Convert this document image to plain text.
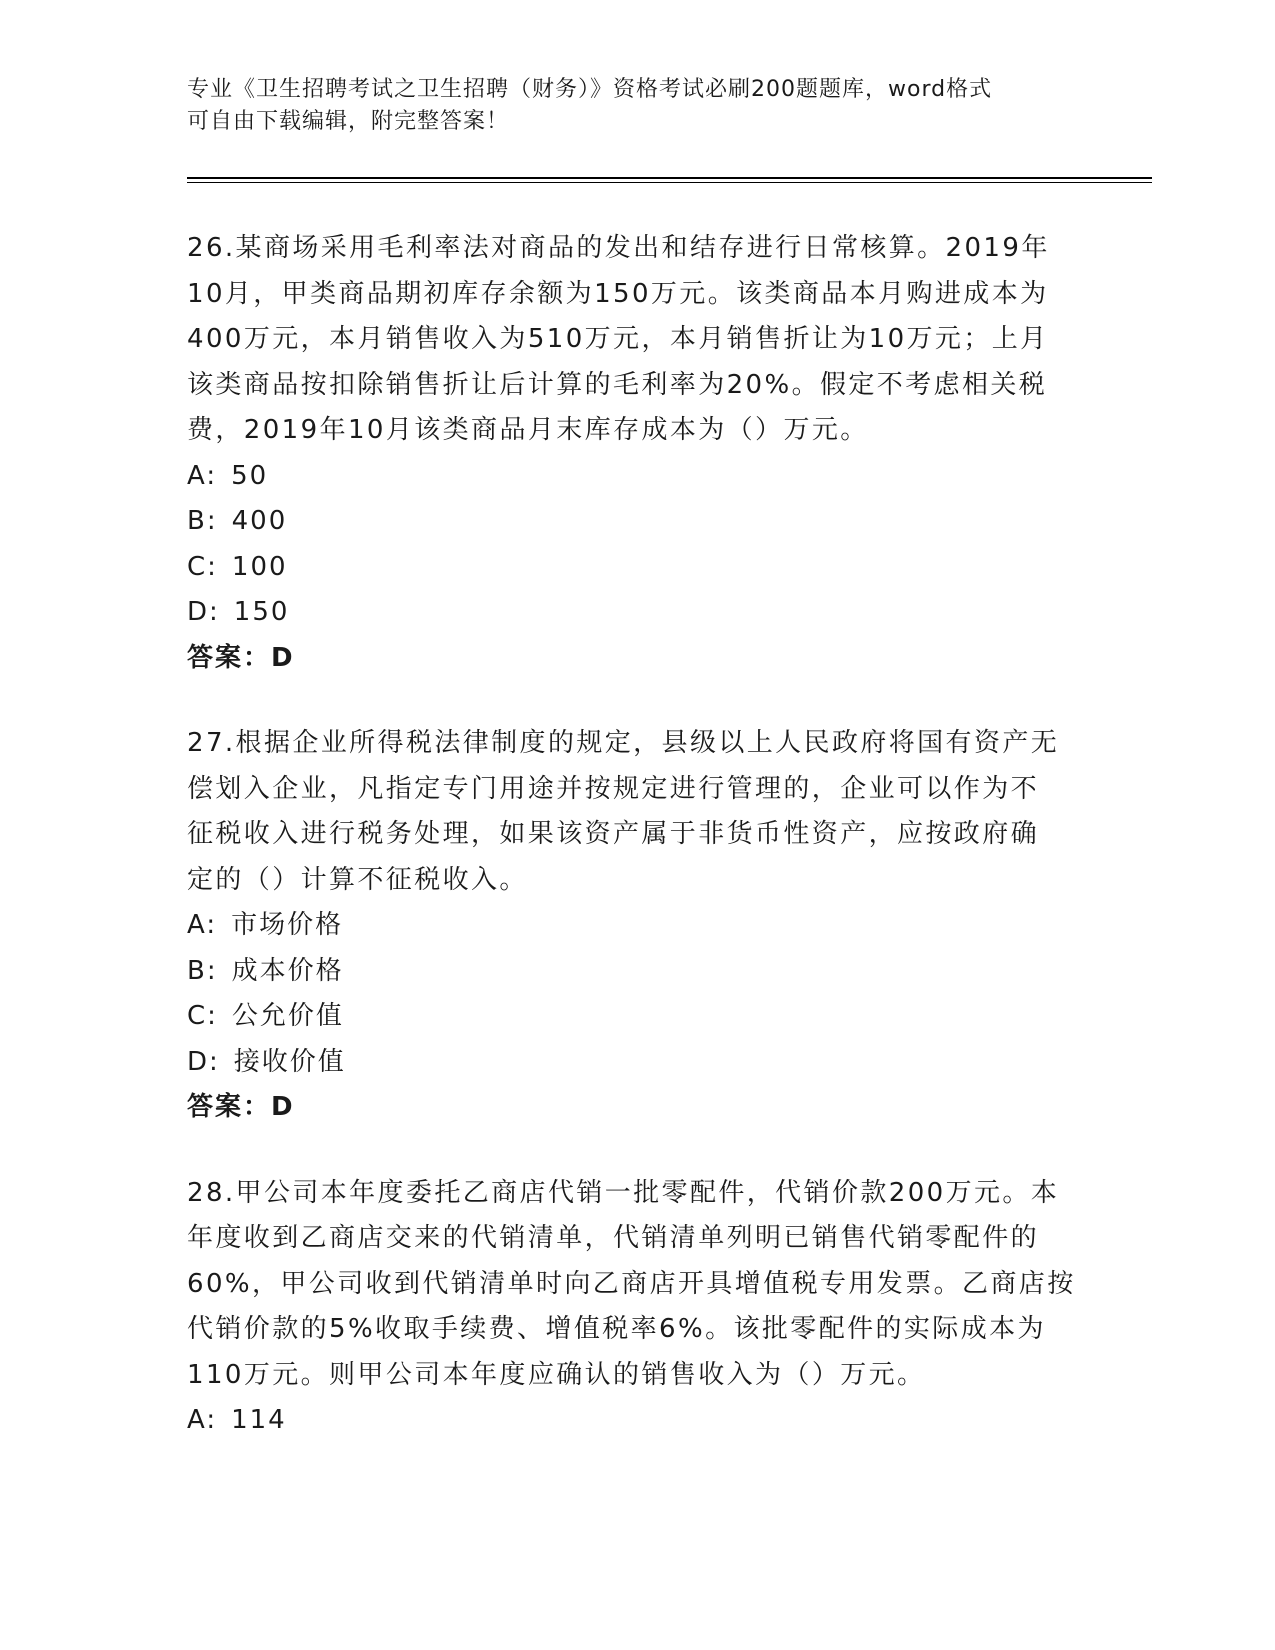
专业《卫生招聘考试之卫生招聘（财务）》资格考试必刷200题题库，word格式
可自由下载编辑，附完整答案！
26.某商场采用毛利率法对商品的发出和结存进行日常核算。2019年
10月，甲类商品期初库存余额为150万元。该类商品本月购进成本为
400万元，本月销售收入为510万元，本月销售折让为10万元；上月
该类商品按扣除销售折让后计算的毛利率为20%。假定不考虑相关税
费，2019年10月该类商品月末库存成本为（）万元。
A: 50
B: 400
C: 100
D: 150
答案：D
27.根据企业所得税法律制度的规定，县级以上人民政府将国有资产无
偿划入企业，凡指定专门用途并按规定进行管理的，企业可以作为不
征税收入进行税务处理，如果该资产属于非货币性资产，应按政府确
定的（）计算不征税收入。
A: 市场价格
B: 成本价格
C: 公允价值
D: 接收价值
答案：D
28.甲公司本年度委托乙商店代销一批零配件，代销价款200万元。本
年度收到乙商店交来的代销清单，代销清单列明已销售代销零配件的
60%，甲公司收到代销清单时向乙商店开具增值税专用发票。乙商店按
代销价款的5%收取手续费、增值税率6%。该批零配件的实际成本为
110万元。则甲公司本年度应确认的销售收入为（）万元。
A: 114
